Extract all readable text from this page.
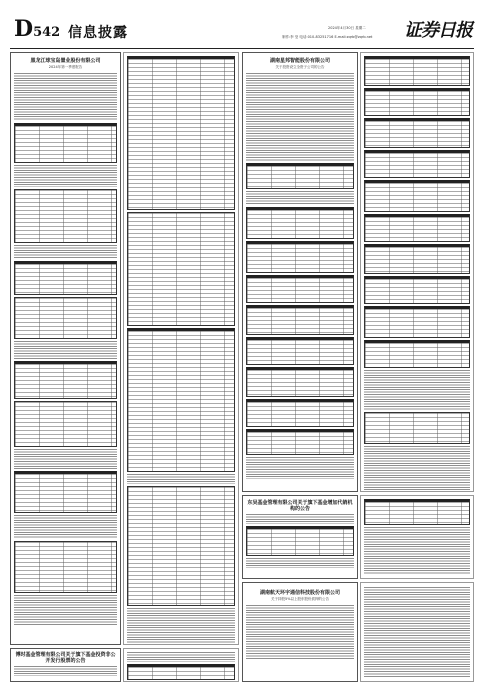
D542 信息披露	2024年4月30日 星期二
制作:李 莹 电话:010-83251716 E-mail:zqrb@zqrb.net 证券日报
黑龙江球宝岛置业股份有限公司
2024年第一季度报告
湖南星邦智能股份有限公司
关于投资设立全资子公司的公告
东吴基金管理有限公司关于旗下基金增加代销机构的公告

湖南航天环宇通信科技股份有限公司
关于持股5%以上股东股份质押的公告
博时基金管理有限公司关于旗下基金投资非公开发行股票的公告
